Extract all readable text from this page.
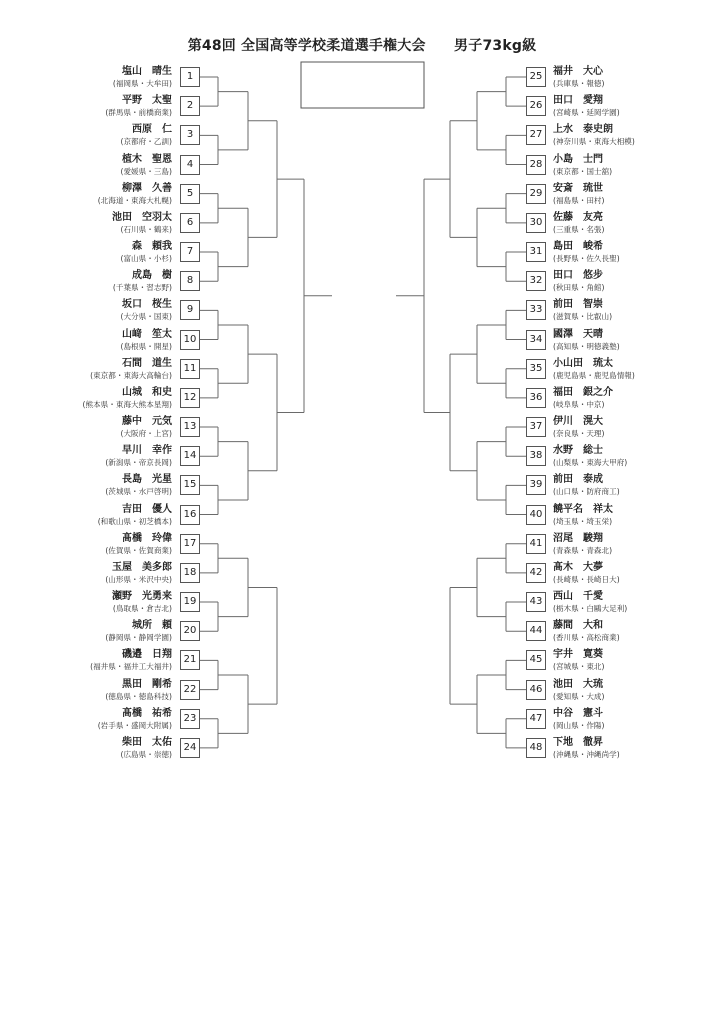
第48回 全国高等学校柔道選手権大会　　男子73kg級
塩山　晴生
(福岡県・大牟田)
1
平野　太聖
(群馬県・前橋商業)
2
西原　仁
(京都府・乙訓)
3
植木　聖恩
(愛媛県・三島)
4
柳澤　久善
(北海道・東海大札幌)
5
池田　空羽太
(石川県・鶴来)
6
森　頼我
(富山県・小杉)
7
成島　樹
(千葉県・習志野)
8
坂口　桜生
(大分県・国東)
9
山﨑　笙太
(島根県・開星)
10
石間　道生
(東京都・東海大高輪台)
11
山城　和史
(熊本県・東海大熊本星翔)
12
藤中　元気
(大阪府・上宮)
13
早川　幸作
(新潟県・帝京長岡)
14
長島　光星
(茨城県・水戸啓明)
15
吉田　優人
(和歌山県・初芝橋本)
16
髙橋　玲偉
(佐賀県・佐賀商業)
17
玉屋　美多郎
(山形県・米沢中央)
18
瀬野　光勇来
(鳥取県・倉吉北)
19
城所　頼
(静岡県・静岡学園)
20
磯邉　日翔
(福井県・福井工大福井)
21
黒田　剛希
(徳島県・徳島科技)
22
髙橋　祐希
(岩手県・盛岡大附属)
23
柴田　太佑
(広島県・崇徳)
24
25	福井　大心
(兵庫県・報徳)
26	田口　愛翔
(宮崎県・延岡学園)
27	上水　泰史朗
(神奈川県・東海大相模)
28	小島　士門
(東京都・国士舘)
29	安斎　琉世
(福島県・田村)
30	佐藤　友亮
(三重県・名張)
31	島田　峻希
(長野県・佐久長聖)
32	田口　悠步
(秋田県・角館)
33	前田　智崇
(滋賀県・比叡山)
34	國澤　天晴
(高知県・明徳義塾)
35	小山田　琉太
(鹿児島県・鹿児島情報)
36	福田　銀之介
(岐阜県・中京)
37	伊川　滉大
(奈良県・天理)
38	水野　総士
(山梨県・東海大甲府)
39	前田　泰成
(山口県・防府商工)
40	饒平名　祥太
(埼玉県・埼玉栄)
41	沼尾　駿翔
(青森県・青森北)
42	髙木　大夢
(長崎県・長崎日大)
43	西山　千愛
(栃木県・白鷗大足利)
44	藤間　大和
(香川県・高松商業)
45	宇井　寛葵
(宮城県・東北)
46	池田　大琉
(愛知県・大成)
47	中谷　憲斗
(岡山県・作陽)
48	下地　徹昇
(沖縄県・沖縄尚学)
